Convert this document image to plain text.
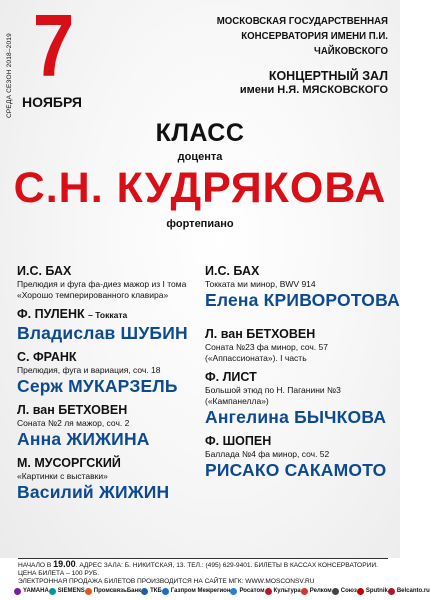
СРЕДА СЕЗОН 2018–2019 7
НОЯБРЯ
МОСКОВСКАЯ ГОСУДАРСТВЕННАЯ
КОНСЕРВАТОРИЯ ИМЕНИ П.И. ЧАЙКОВСКОГО
КОНЦЕРТНЫЙ ЗАЛ
имени Н.Я. МЯСКОВСКОГО
КЛАСС
доцента
С.Н. КУДРЯКОВА
фортепиано
И.С. БАХ
Прелюдия и фуга фа-диез мажор из I тома «Хорошо темперированного клавира»
Ф. ПУЛЕНК – Токката
Владислав ШУБИН
С. ФРАНК
Прелюдия, фуга и вариация, соч. 18
Серж МУКАРЗЕЛЬ
Л. ван БЕТХОВЕН
Соната №2 ля мажор, соч. 2
Анна ЖИЖИНА
М. МУСОРГСКИЙ
«Картинки с выставки»
Василий ЖИЖИН
И.С. БАХ
Токката ми минор, BWV 914
Елена КРИВОРОТОВА
Л. ван БЕТХОВЕН
Соната №23 фа минор, соч. 57 («Аппассионата»). I часть
Ф. ЛИСТ
Большой этюд по Н. Паганини №3 («Кампанелла»)
Ангелина БЫЧКОВА
Ф. ШОПЕН
Баллада №4 фа минор, соч. 52
РИСАКО САКАМОТО
НАЧАЛО В 19.00. АДРЕС ЗАЛА: Б. НИКИТСКАЯ, 13. ТЕЛ.: (495) 629-9401. БИЛЕТЫ В КАССАХ КОНСЕРВАТОРИИ. ЦЕНА БИЛЕТА – 100 РУБ.
ЭЛЕКТРОННАЯ ПРОДАЖА БИЛЕТОВ ПРОИЗВОДИТСЯ НА САЙТЕ МГК: WWW.MOSCONSV.RU
YAMAHA SIEMENS ПромсвязьБанк ТКБ Газпром Межрегион Росатом Культура Релком Союз Sputnik Belcanto.ru
